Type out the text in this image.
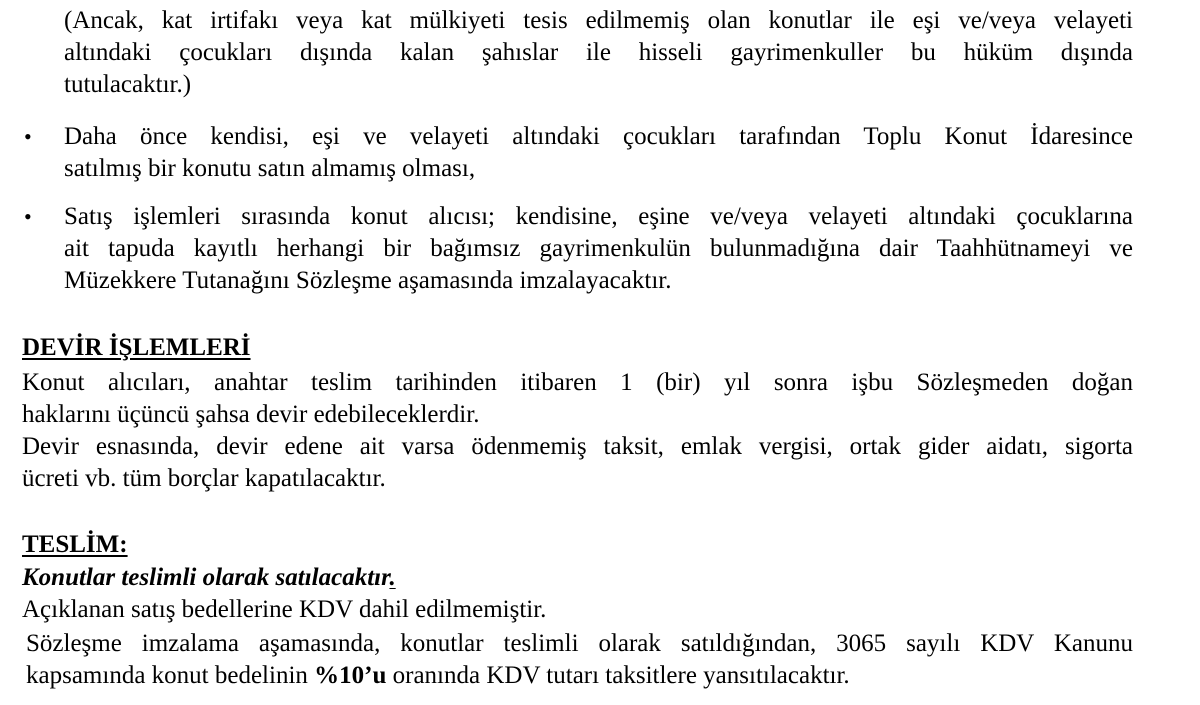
(Ancak, kat irtifakı veya kat mülkiyeti tesis edilmemiş olan konutlar ile eşi ve/veya velayeti
altındaki çocukları dışında kalan şahıslar ile hisseli gayrimenkuller bu hüküm dışında
tutulacaktır.)
• Daha önce kendisi, eşi ve velayeti altındaki çocukları tarafından Toplu Konut İdaresince
satılmış bir konutu satın almamış olması,
• Satış işlemleri sırasında konut alıcısı; kendisine, eşine ve/veya velayeti altındaki çocuklarına
ait tapuda kayıtlı herhangi bir bağımsız gayrimenkulün bulunmadığına dair Taahhütnameyi ve
Müzekkere Tutanağını Sözleşme aşamasında imzalayacaktır.
DEVİR İŞLEMLERİ
Konut alıcıları, anahtar teslim tarihinden itibaren 1 (bir) yıl sonra işbu Sözleşmeden doğan
haklarını üçüncü şahsa devir edebileceklerdir.
Devir esnasında, devir edene ait varsa ödenmemiş taksit, emlak vergisi, ortak gider aidatı, sigorta
ücreti vb. tüm borçlar kapatılacaktır.
TESLİM:
Konutlar teslimli olarak satılacaktır.
Açıklanan satış bedellerine KDV dahil edilmemiştir.
Sözleşme imzalama aşamasında, konutlar teslimli olarak satıldığından, 3065 sayılı KDV Kanunu
kapsamında konut bedelinin %10’u oranında KDV tutarı taksitlere yansıtılacaktır.
